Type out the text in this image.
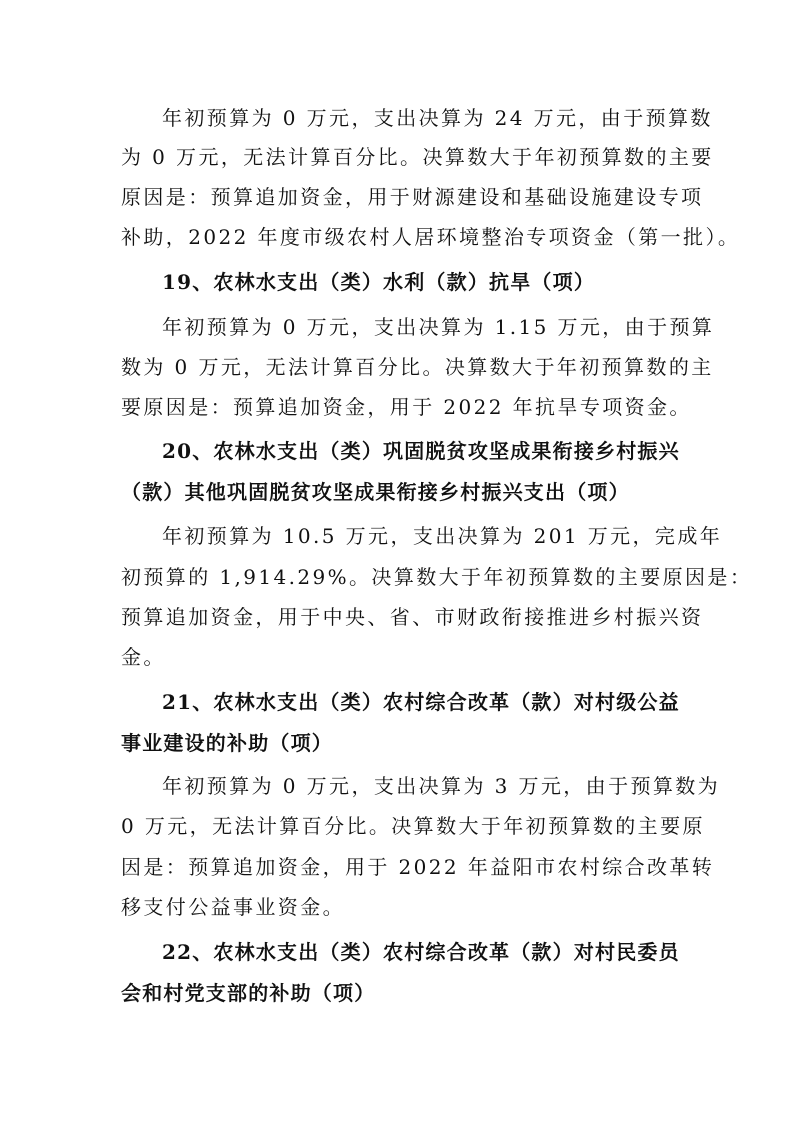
年初预算为 0 万元，支出决算为 24 万元，由于预算数
为 0 万元，无法计算百分比。决算数大于年初预算数的主要
原因是：预算追加资金，用于财源建设和基础设施建设专项
补助，2022 年度市级农村人居环境整治专项资金（第一批）。
19、农林水支出（类）水利（款）抗旱（项）
年初预算为 0 万元，支出决算为 1.15 万元，由于预算
数为 0 万元，无法计算百分比。决算数大于年初预算数的主
要原因是：预算追加资金，用于 2022 年抗旱专项资金。
20、农林水支出（类）巩固脱贫攻坚成果衔接乡村振兴
（款）其他巩固脱贫攻坚成果衔接乡村振兴支出（项）
年初预算为 10.5 万元，支出决算为 201 万元，完成年
初预算的 1,914.29%。决算数大于年初预算数的主要原因是：
预算追加资金，用于中央、省、市财政衔接推进乡村振兴资
金。
21、农林水支出（类）农村综合改革（款）对村级公益
事业建设的补助（项）
年初预算为 0 万元，支出决算为 3 万元，由于预算数为
0 万元，无法计算百分比。决算数大于年初预算数的主要原
因是：预算追加资金，用于 2022 年益阳市农村综合改革转
移支付公益事业资金。
22、农林水支出（类）农村综合改革（款）对村民委员
会和村党支部的补助（项）
